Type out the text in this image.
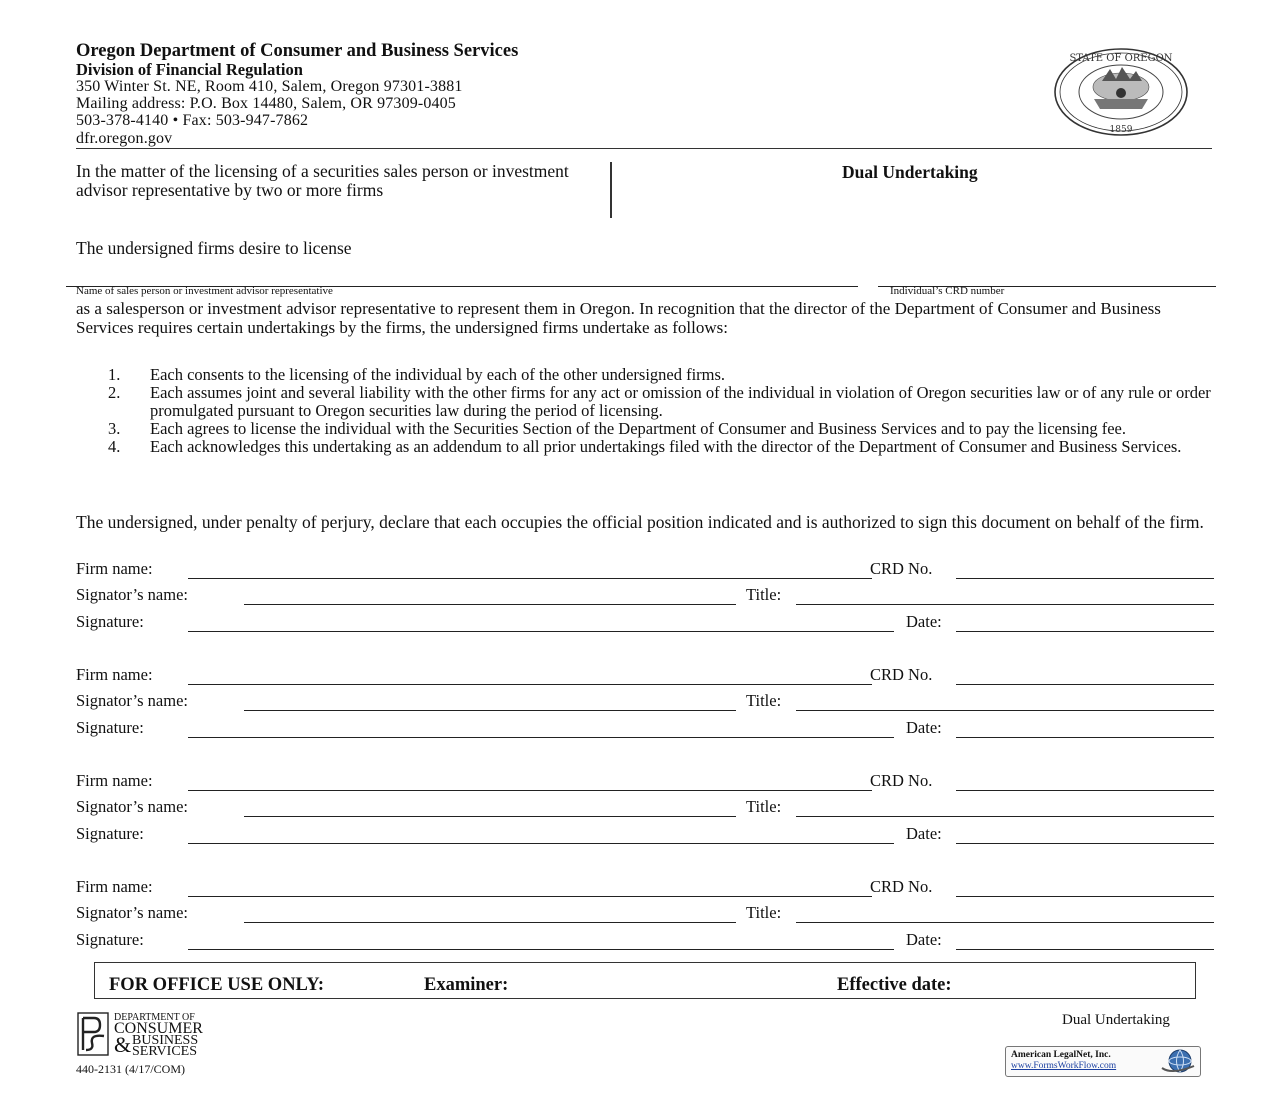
Oregon Department of Consumer and Business Services
Division of Financial Regulation
350 Winter St. NE, Room 410, Salem, Oregon 97301-3881
Mailing address: P.O. Box 14480, Salem, OR 97309-0405
503-378-4140 • Fax: 503-947-7862
dfr.oregon.gov
STATE OF OREGON
1859
In the matter of the licensing of a securities sales person or investment advisor representative by two or more firms
Dual Undertaking
The undersigned firms desire to license
Name of sales person or investment advisor representative	Individual’s CRD number
as a salesperson or investment advisor representative to represent them in Oregon. In recognition that the director of the Department of Consumer and Business Services requires certain undertakings by the firms, the undersigned firms undertake as follows:
1.	Each consents to the licensing of the individual by each of the other undersigned firms.
2.	Each assumes joint and several liability with the other firms for any act or omission of the individual in violation of Oregon securities law or of any rule or order promulgated pursuant to Oregon securities law during the period of licensing.
3.	Each agrees to license the individual with the Securities Section of the Department of Consumer and Business Services and to pay the licensing fee.
4.	Each acknowledges this undertaking as an addendum to all prior undertakings filed with the director of the Department of Consumer and Business Services.
The undersigned, under penalty of perjury, declare that each occupies the official position indicated and is authorized to sign this document on behalf of the firm.
Firm name:	CRD No.
Signator’s name:	Title:
Signature:	Date:
Firm name:	CRD No.
Signator’s name:	Title:
Signature:	Date:
Firm name:	CRD No.
Signator’s name:	Title:
Signature:	Date:
Firm name:	CRD No.
Signator’s name:	Title:
Signature:	Date:
FOR OFFICE USE ONLY:	Examiner:	Effective date:
DEPARTMENT OF
CONSUMER
& BUSINESS
SERVICES
440-2131 (4/17/COM)
Dual Undertaking
American LegalNet, Inc.
www.FormsWorkFlow.com
